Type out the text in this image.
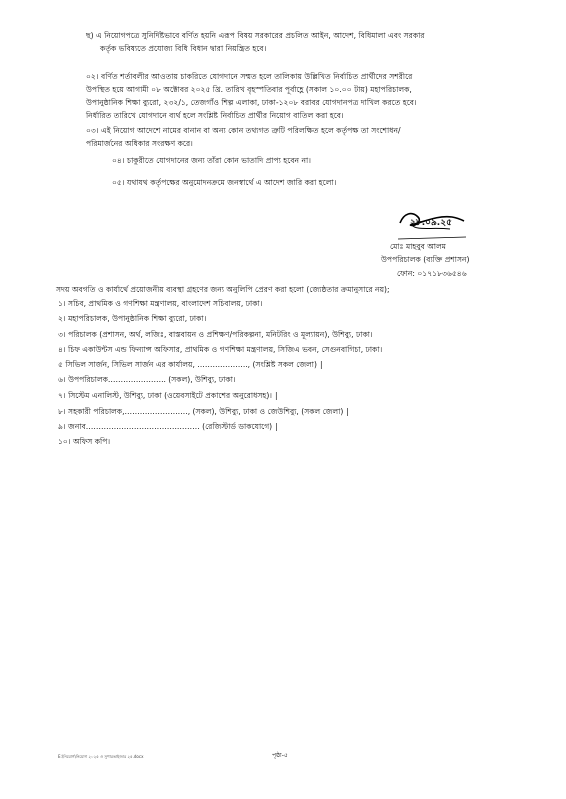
ছ) এ নিয়োগপত্রে সুনির্দিষ্টভাবে বর্ণিত হয়নি এরূপ বিষয় সরকারের প্রচলিত আইন, আদেশ, বিধিমালা এবং সরকার
কর্তৃক ভবিষ্যতে প্রযোজ্য বিধি বিধান দ্বারা নিয়ন্ত্রিত হবে।
০২। বর্ণিত শর্তাবলীর আওতায় চাকরিতে যোগদানে সম্মত হলে তালিকায় উল্লিখিত নির্বাচিত প্রার্থীদের সশরীরে
উপস্থিত হয়ে আগামী ০৮ অক্টোবর ২০২৫ খ্রি. তারিখ বৃহস্পতিবার পূর্বাহ্ণে (সকাল ১০.০০ টায়) মহাপরিচালক,
উপানুষ্ঠানিক শিক্ষা ব্যুরো, ২৩২/১, তেজগাঁও শিল্প এলাকা, ঢাকা-১২০৮ বরাবর যোগদানপত্র দাখিল করতে হবে।
নির্ধারিত তারিখে যোগদানে ব্যর্থ হলে সংশ্লিষ্ট নির্বাচিত প্রার্থীর নিয়োগ বাতিল করা হবে।
০৩। এই নিয়োগ আদেশে নামের বানান বা অন্য কোন তথ্যগত ত্রুটি পরিলক্ষিত হলে কর্তৃপক্ষ তা সংশোধন/
পরিমার্জনের অধিকার সংরক্ষণ করে।
০৪। চাকুরীতে যোগদানের জন্য তাঁরা কোন ভাতাদি প্রাপ্য হবেন না।
০৫। যথাযথ কর্তৃপক্ষের অনুমোদনক্রমে জনস্বার্থে এ আদেশ জারি করা হলো।
২৮.০৯.২৫
মোঃ মাহবুব আলম
উপপরিচালক (ব্যক্তি প্রশাসন)
ফোন: ০১৭১৮৩৬৫৪৬
সদয় অবগতি ও কার্যার্থে প্রয়োজনীয় ব্যবস্থা গ্রহণের জন্য অনুলিপি প্রেরণ করা হলো (জ্যেষ্ঠতার ক্রমানুসারে নয়);
১। সচিব, প্রাথমিক ও গণশিক্ষা মন্ত্রণালয়, বাংলাদেশ সচিবালয়, ঢাকা।
২। মহাপরিচালক, উপানুষ্ঠানিক শিক্ষা ব্যুরো, ঢাকা।
৩। পরিচালক (প্রশাসন, অর্থ, লজিঃ, বাস্তবায়ন ও প্রশিক্ষণ/পরিকল্পনা, মনিটরিং ও মূল্যায়ন), উশিব্যু, ঢাকা।
৪। চিফ একাউন্টস এন্ড ফিন্যান্স অফিসার, প্রাথমিক ও গণশিক্ষা মন্ত্রণালয়, সিজিএ ভবন, সেগুনবাগিচা, ঢাকা।
৫ সিভিল সার্জন, সিভিল সার্জন এর কার্যালয়, ……………….., (সংশ্লিষ্ট সকল জেলা) |
৬। উপপরিচালক………………….. (সকল), উশিব্যু, ঢাকা।
৭। সিস্টেম এনালিস্ট, উশিব্যু, ঢাকা (ওয়েবসাইটে প্রকাশের অনুরোধসহ)। |
৮। সহকারী পরিচালক,……………………., (সকল), উশিব্যু, ঢাকা ও জেউশিব্যু, (সকল জেলা) |
৯। জনাব……………………………………… (রেজিস্টার্ড ডাকযোগে) |
১০। অফিস কপি।
E:\নিয়োগ\নিয়োগ ২০২৫ ও সুপারভাইজার ২৫.docx	পৃষ্ঠা-৫
